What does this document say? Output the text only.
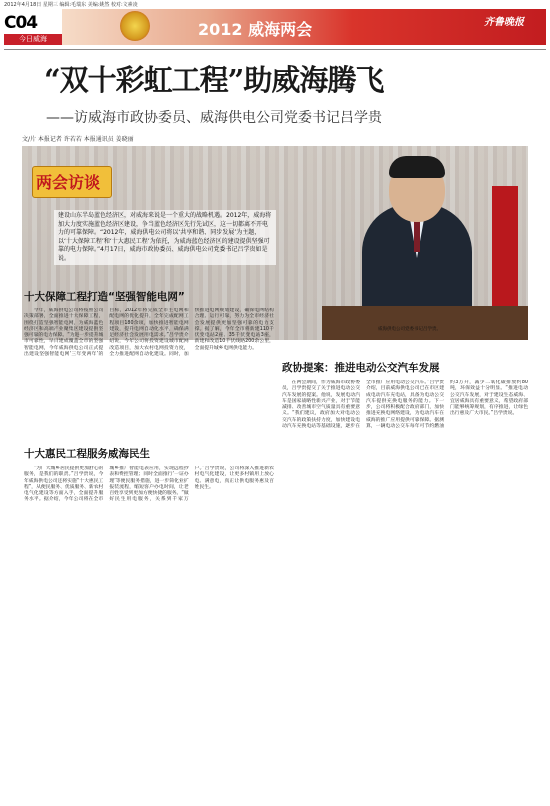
2012年4月18日 星期三 编辑:毛瑞东 美编:姚然 校对:文素凌
C04
今日威海	2012 威海两会	齐鲁晚报
“双十彩虹工程”助威海腾飞
——访威海市政协委员、威海供电公司党委书记吕学贵
文/片 本报记者 许若若 本报通讯员 姜晓丽
两会访谈
建设山东半岛蓝色经济区，对威海来说是一个重大的战略机遇。2012年，威海将加大力度实施蓝色经济区建设，争当蓝色经济区先行先试区，这一切都离不开电力的可靠保障。“2012年，威海供电公司将以‘共享和谐、同步发展’为主题，以‘十大保障工程’和‘十大惠民工程’为依托，为威海蓝色经济区的建设提供坚强可靠的电力保障。”4月17日，威海市政协委员、威海供电公司党委书记吕学贵如是说。
威海供电公司党委书记吕学贵。
十大保障工程打造“坚强智能电网”

今年，威海供电公司将按照公司决策部署，全面推进十大保障工程，围绕打造坚强智能电网，为威海蓝色经济区和高端产业聚集区建设提供坚强可靠的电力保障。“为进一步提升城市可靠性，早日建成覆盖全市的坚强智能电网，今年威海供电公司正式提出建设坚强智能电网‘三年变两年’的目标，2012年将完成全市主电网和配电网的优化提升，全年完成配网工程项目180余项，加快推进智能电网建设，提升电网自动化水平，确保满足经济社会发展用电需求。”吕学贵介绍说，今年公司将投资建设城市配网改造项目，加大农村电网投资力度，全力推进配网自动化建设。同时，加快推进电网规划建设，确保电网结构合理、运行可靠，努力为全市经济社会发展提供更加坚强可靠的电力支撑。据了解，今年全市将新建110千伏变电站2座、35千伏变电站3座，新建和改造10千伏线路200余公里，全面提升城乡电网供电能力。

十大惠民工程服务威海民生

“为广大城乡居民提供更加舒心的服务，是我们的职责。”吕学贵说，今年威海供电公司还将实施“十大惠民工程”，从便民服务、优质服务、新农村电气化建设等方面入手，全面提升服务水平。据介绍，今年公司将在全市城乡推广智能电表应用，实现远程抄表和费控管理；同时全面推行‘一证办理’等便民服务措施，进一步简化业扩报装流程，缩短客户办电时间，让老百姓享受到更加方便快捷的服务。“做好民生用电服务，关系到千家万户。”吕学贵说，公司将深入推进新农村电气化建设，让更多村镇用上放心电、满意电，真正让供电服务惠及百姓民生。

政协提案：推进电动公交汽车发展

在两会期间，作为威海市政协委员，吕学贵提交了关于推进电动公交汽车发展的提案。他说，发展电动汽车是国家战略性新兴产业，对于节能减排、改善城市空气质量具有重要意义。“我们建议，政府加大对电动公交汽车的政策扶持力度，加快建设电动汽车充换电站等基础设施，逐步在全市推广应用电动公交汽车。”吕学贵介绍，目前威海供电公司已在市区建成电动汽车充电站，具备为电动公交汽车提供充换电服务的能力。下一步，公司将积极配合政府部门，加快推进充换电网络建设，为电动汽车在威海的推广应用提供可靠保障。据测算，一辆电动公交车每年可节约燃油约3万升，减少二氧化碳排放约80吨，环保效益十分明显。“推进电动公交汽车发展，对于建设生态威海、宜居威海具有重要意义，希望政府部门能够统筹规划，有序推进，让绿色出行惠及广大市民。”吕学贵说。
